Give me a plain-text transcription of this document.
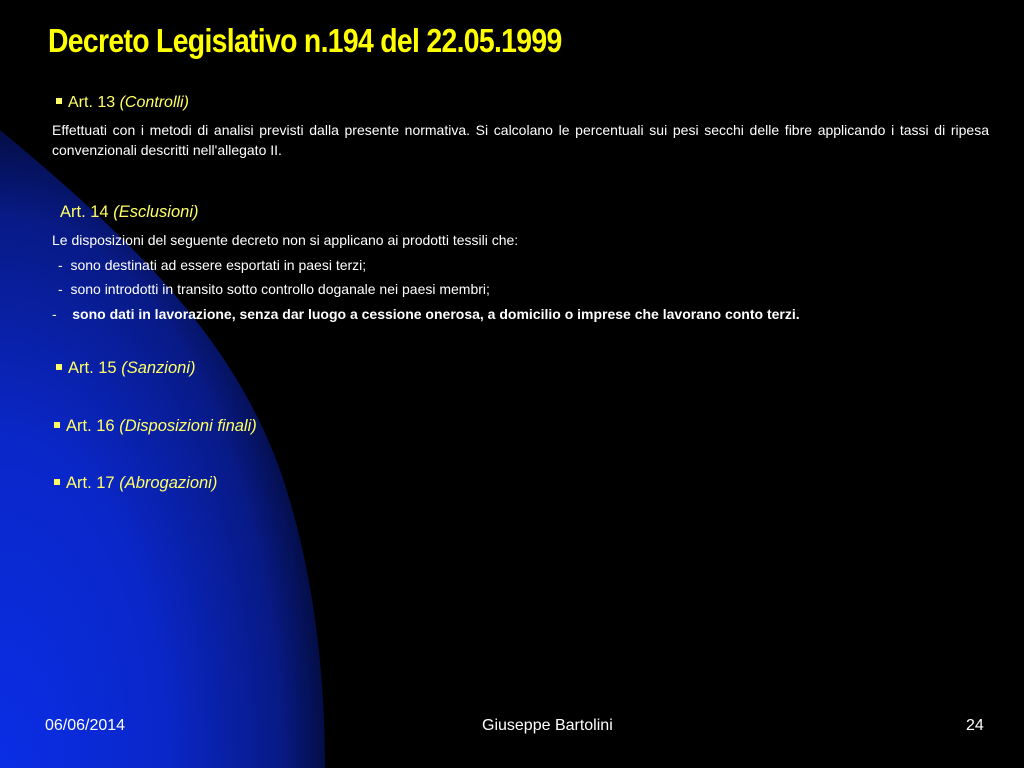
Decreto Legislativo n.194 del 22.05.1999
Art. 13 (Controlli)
Effettuati con i metodi di analisi previsti dalla presente normativa. Si calcolano le percentuali sui pesi secchi delle fibre applicando i tassi di ripesa convenzionali descritti nell'allegato II.
Art. 14 (Esclusioni)
Le disposizioni del seguente decreto non si applicano ai prodotti tessili che:
- sono destinati ad essere esportati in paesi terzi;
- sono introdotti in transito sotto controllo doganale nei paesi membri;
- sono dati in lavorazione, senza dar luogo a cessione onerosa, a domicilio o imprese che lavorano conto terzi.
Art. 15 (Sanzioni)
Art. 16 (Disposizioni finali)
Art. 17 (Abrogazioni)
06/06/2014	Giuseppe Bartolini	24
